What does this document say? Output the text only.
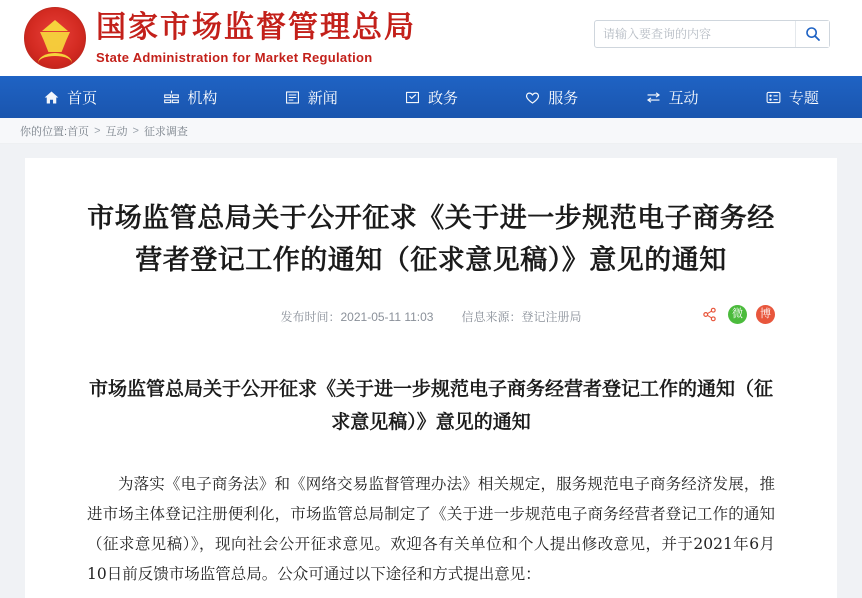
国家市场监督管理总局
State Administration for Market Regulation
请输入要查询的内容
首页	机构	新闻	政务	服务	互动	专题
你的位置: 首页 > 互动 > 征求调查
市场监管总局关于公开征求《关于进一步规范电子商务经营者登记工作的通知（征求意见稿）》意见的通知
发布时间：2021-05-11 11:03 信息来源：登记注册局	微 博
市场监管总局关于公开征求《关于进一步规范电子商务经营者登记工作的通知（征求意见稿）》意见的通知

为落实《电子商务法》和《网络交易监督管理办法》相关规定，服务规范电子商务经济发展，推进市场主体登记注册便利化，市场监管总局制定了《关于进一步规范电子商务经营者登记工作的通知（征求意见稿）》，现向社会公开征求意见。欢迎各有关单位和个人提出修改意见，并于2021年6月10日前反馈市场监管总局。公众可通过以下途径和方式提出意见：
